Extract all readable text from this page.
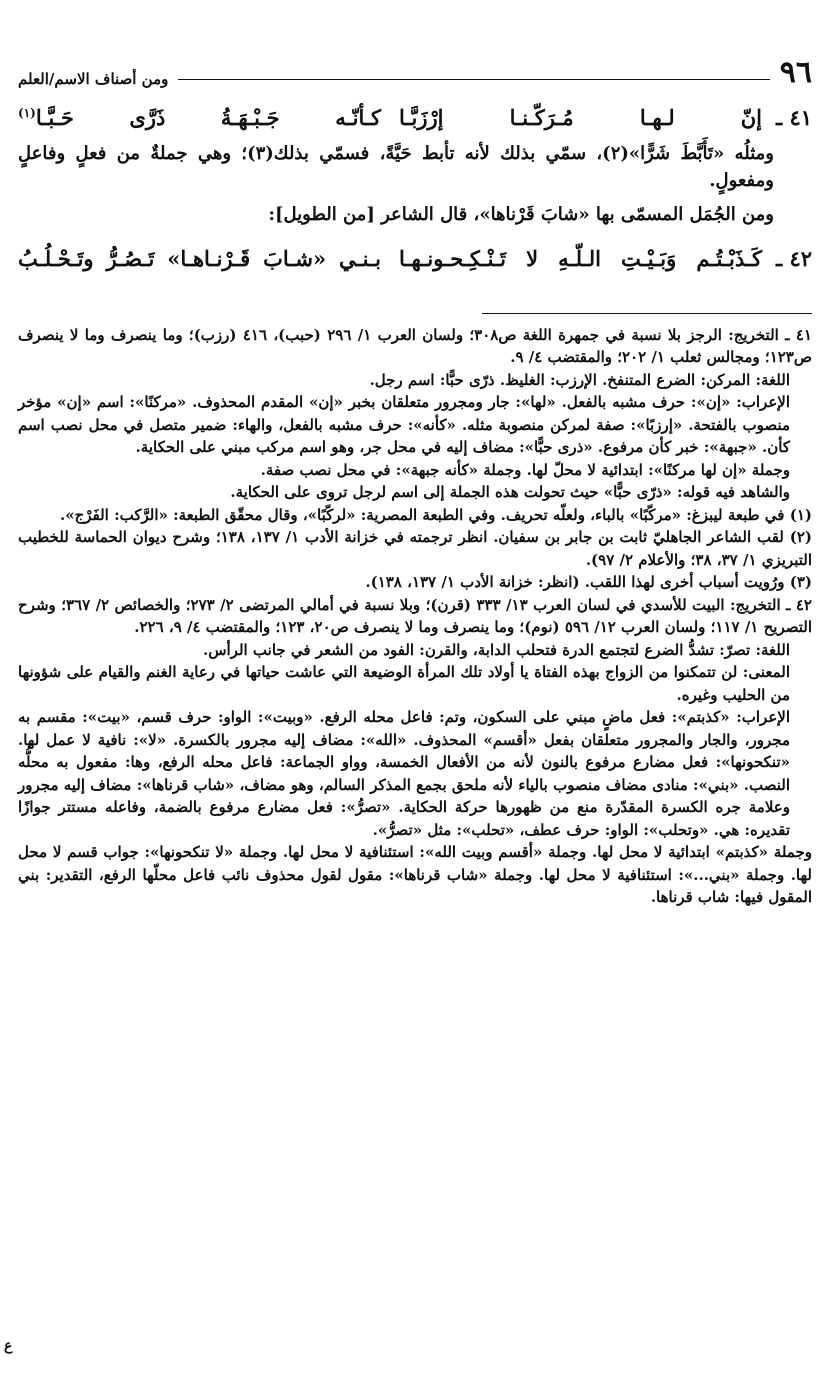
٩٦
ومن أصناف الاسم/العلم
٤١ ـ
إنّ لـهـا مُـرَكّـنـا إرْزَبَّـا
كـأنّـه جَـبْـهَـةُ ذَرَّى حَـبَّـا$^{(١)}$

ومثلُه «تَأَبَّطَ شَرًّا»(٢)، سمّي بذلك لأنه تأبط حَيَّةً، فسمّي بذلك(٣)؛ وهي جملةٌ من فعلٍ وفاعلٍ ومفعولٍ.

ومن الجُمَل المسمّى بها «شابَ قَرْناها»، قال الشاعر [من الطويل]:

٤٢ ـ
كَـذَبْـتُـم وَبَـيْـتِ الـلّـهِ لا تَـنْـكِـحـونـهـا
بـنـي «شـابَ قَـرْنـاهـا» تَـصُـرُّ وتَـحْـلُـبُ

٤١ ـ التخريج: الرجز بلا نسبة في جمهرة اللغة ص٣٠٨؛ ولسان العرب ١/ ٢٩٦ (حبب)، ٤١٦ (رزب)؛ وما ينصرف وما لا ينصرف ص١٢٣؛ ومجالس ثعلب ١/ ٢٠٢؛ والمقتضب ٤/ ٩.

اللغة: المركن: الضرع المتنفخ. الإرزب: الغليظ. ذرّى حبًّا: اسم رجل.

الإعراب: «إن»: حرف مشبه بالفعل. «لها»: جار ومجرور متعلقان بخبر «إن» المقدم المحذوف. «مركنًا»: اسم «إن» مؤخر منصوب بالفتحة. «إرزبًا»: صفة لمركن منصوبة مثله. «كأنه»: حرف مشبه بالفعل، والهاء: ضمير متصل في محل نصب اسم كأن. «جبهة»: خبر كأن مرفوع. «ذرى حبًّا»: مضاف إليه في محل جر، وهو اسم مركب مبني على الحكاية.

وجملة «إن لها مركنًا»: ابتدائية لا محلّ لها. وجملة «كأنه جبهة»: في محل نصب صفة.

والشاهد فيه قوله: «ذرّى حبًّا» حيث تحولت هذه الجملة إلى اسم لرجل تروى على الحكاية.

(١) في طبعة ليبزغ: «مركّبًا» بالباء، ولعلّه تحريف. وفي الطبعة المصرية: «لركّبًا»، وقال محقّق الطبعة: «الرَّكب: الفَرْج».

(٢) لقب الشاعر الجاهليّ ثابت بن جابر بن سفيان. انظر ترجمته في خزانة الأدب ١/ ١٣٧، ١٣٨؛ وشرح ديوان الحماسة للخطيب التبريزي ١/ ٣٧، ٣٨؛ والأعلام ٢/ ٩٧).

(٣) ورُويت أسباب أخرى لهذا اللقب. (انظر: خزانة الأدب ١/ ١٣٧، ١٣٨).

٤٢ ـ التخريج: البيت للأسدي في لسان العرب ١٣/ ٣٣٣ (قرن)؛ وبلا نسبة في أمالي المرتضى ٢/ ٢٧٣؛ والخصائص ٢/ ٣٦٧؛ وشرح التصريح ١/ ١١٧؛ ولسان العرب ١٢/ ٥٩٦ (نوم)؛ وما ينصرف وما لا ينصرف ص٢٠، ١٢٣؛ والمقتضب ٤/ ٩، ٢٢٦.

اللغة: تصرّ: تشدُّ الضرع لتجتمع الدرة فتحلب الدابة، والقرن: الفود من الشعر في جانب الرأس.

المعنى: لن تتمكنوا من الزواج بهذه الفتاة يا أولاد تلك المرأة الوضيعة التي عاشت حياتها في رعاية الغنم والقيام على شؤونها من الحليب وغيره.

الإعراب: «كذبتم»: فعل ماضٍ مبني على السكون، وتم: فاعل محله الرفع. «وبيت»: الواو: حرف قسم، «بيت»: مقسم به مجرور، والجار والمجرور متعلقان بفعل «أقسم» المحذوف. «الله»: مضاف إليه مجرور بالكسرة. «لا»: نافية لا عمل لها. «تنكحونها»: فعل مضارع مرفوع بالنون لأنه من الأفعال الخمسة، وواو الجماعة: فاعل محله الرفع، وها: مفعول به محلُّه النصب. «بني»: منادى مضاف منصوب بالياء لأنه ملحق بجمع المذكر السالم، وهو مضاف، «شاب قرناها»: مضاف إليه مجرور وعلامة جره الكسرة المقدّرة منع من ظهورها حركة الحكاية. «تصرُّ»: فعل مضارع مرفوع بالضمة، وفاعله مستتر جوازًا تقديره: هي. «وتحلب»: الواو: حرف عطف، «تحلب»: مثل «تصرُّ».

وجملة «كذبتم» ابتدائية لا محل لها. وجملة «أقسم وبيت الله»: استئنافية لا محل لها. وجملة «لا تنكحونها»: جواب قسم لا محل لها. وجملة «بني...»: استئنافية لا محل لها. وجملة «شاب قرناها»: مقول لقول محذوف نائب فاعل محلّها الرفع، التقدير: بني المقول فيها: شاب قرناها.

ع
